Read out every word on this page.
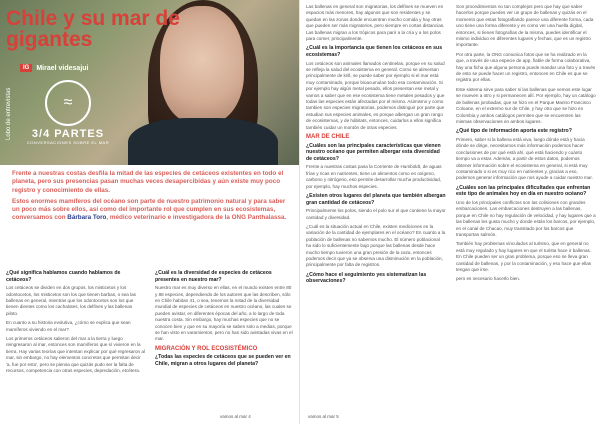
Chile y su mar de gigantes
IG	Mirael videsajui
Lobo de entrevistas	≈
3/4 PARTES
CONVERSACIONES SOBRE EL MAR

Frente a nuestras costas desfila la mitad de las especies de cetáceos existentes en todo el planeta, pero sus presencias pasan muchas veces desapercibidas y aún existe muy poco registro y conocimiento de ellas.

Estos enormes mamíferos del océano son parte de nuestro patrimonio natural y para saber un poco más sobre ellos, así como del importante rol que cumplen en sus ecosistemas, conversamos con Bárbara Toro, médico veterinario e investigadora de la ONG Panthalassa.

¿Qué significa hablamos cuando hablamos de cetáceos?

Los cetáceos se dividen en dos grupos, los misticetos y los odontocetos, los misticetos son los que tienen barbas, o sea las ballenas en general, mientras que los odontocetos son los que tienen dientes como los cachalotes, los delfines y las ballenas piloto.

En cuanto a su historia evolutiva, ¿cómo se explica que sean mamíferos viviendo en el mar?

Los primeros cetáceos salieron del mar a la tierra y luego reingresaron al mar, entonces son mamíferos que sí vivieron en la tierra. Hay varias teorías que intentan explicar por qué regresaron al mar, sin embargo, no hay elementos concretos que permitan decir 'a, fue por esto', pero se piensa que quizás pudo ser la falta de recursos, competencia con otras especies, depredación, etcétera.

¿Cuál es la diversidad de especies de cetáceos presentes en nuestro mar?

Nuestro mar es muy diverso en ellas, en el mundo existen entre 80 y 88 especies, dependiendo de los autores que las describen, sólo en Chile habitan 41, o sea, tenemos la mitad de la diversidad mundial de especies de cetáceos en nuestro océano, las cuales se pueden avistar, en diferentes épocas del año, a lo largo de toda nuestra costa. Sin embargo, hay muchas especies que no se conocen bien y que en su mayoría se saben solo a medias, porque se han visto en varamientos, pero no han sido avistadas vivas en el mar.

MIGRACIÓN Y ROL ECOSISTÉMICO
¿Todas las especies de cetáceos que se pueden ver en Chile, migran a otros lugares del planeta?
vamos al mar 4

Las ballenas en general son migratorias, los delfines se mueven en espacios más menores, hay algunos que son residentes y se quedan en las zonas donde encuentran mucho comida y hay otras que pueden ser más migratorios, pero siempre en cortas distancias. Las ballenas migran a los trópicos para parir a la cría y a los polos para comer, principalmente.

¿Cuál es la importancia que tienen los cetáceos en sus ecosistemas?

Los cetáceos son animales llamados centinelas, porque en su salud se refleja la salud del ecosistema en general. Como se alimentan principalmente de krill, se puede saber por ejemplo si el mar está muy contaminado, porque bioacumulan todo esa contaminación. Si por ejemplo hay algún metal pesado, ellos presentan ese metal y vamos a saber que en ese ecosistema tiene metales pesados y que todas las especies están afectadas por el mismo. Asimismo y como tambien son especies migratorias, podemos distinguir por parte que estudian sus especies animales, es porque albergan un gran rango de ecosistemas, y de hábitats, entonces, cuidarlos a ellos significa también cuidar un montón de otras especies.

MAR DE CHILE
¿Cuáles son las principales características que vienen nuestro océano que permiten albergar esta diversidad de cetáceos?

Frente a nuestras costas pasa la Corriente de Humboldt, de aguas frías y ricas en nutrientes, tiene un alimentos como en oxígeno, carbono y nitrógeno, eso permite desarrollar mucha productividad, por ejemplo, hay muchos especies.

¿Existen otros lugares del planeta que también albergan gran cantidad de cetáceos?

Principalmente los polos, siendo el polo sur el que contiene la mayor cantidad y diversidad.

¿Cuál es la situación actual en Chile, existen mediciones en la variación de la cantidad de ejemplares en el océano? En cuanto a la población de ballenas no sabemos mucho. El número poblacional ha sido lo suficientemente bajo porque las ballenas desde hace mucho tiempo tuvieron una gran presión de la caza, entonces podemos decir que ya se observa una disminución en la población, principalmente por falta de registros.

¿Cómo hace el seguimiento yes sistematizan las observaciones?

Son procedimientos no tan complejos pero que hay que saber hacerlos porque puedes ver un grupo de ballenas y quizás en el momento que estas fotografiando parece una diferente forma, cada uno tiene una forma diferente y es como ver una huella digital, entonces, si tienes fotografías de la misma, puedes identificar el mismo individuo en diferentes lugares y fechas, que es un registro importante.

Por otra parte, la ONG comunica fotos que se ha realizado en la que, a través de una especie de app, fiable de forma colaborativa, hay una ficha que alguna persona puede mandar una foto y a través de esto se puede hacer un registro, entonces en Chile es que se registra por ellas.

Este sistema sirve para saber si las ballenas que vemos este lugar se mueven a otro y si permanecen allí. Por ejemplo, hay un catálogo de ballenas jorobadas, que se hizo en el Parque Marino Francisco Coloane, en el extremo sur de Chile, y hay otro que se hizo en Colombia y ambos catálogos permiten que se encuentren las mismas observaciones en ambos lugares.

¿Qué tipo de información aporta este registro?

Primero, saber si la ballena está viva, luego dónde está y hacia dónde se dirige, necesitamos más información podemos hacer conclusiones de por qué está ahí, qué está haciendo y cuánto tiempo va a estar. Además, a partir de estos datos, podemos obtener información sobre el ecosistema en general, si está muy contaminado o si es muy rico en nutrientes y, gracias a eso, podemos generar información que nos ayude a cuidar nuestro mar.

¿Cuáles son las principales dificultades que enfrentan este tipo de animales hoy en día en nuestro océano?

Uno de los principales conflictos son las colisiones con grandes embarcaciones. Las embarcaciones destruyen a las ballenas, porque en Chile no hay regulación de velocidad, y hay lugares que a las ballenas les gusta mucho y donde están los barcos, por ejemplo, en el canal de Chacao, muy transitado por los barcos que transportan salmón.

También hay problemas vinculados al turismo, que en general no está muy regulado y hay lugares en que el turista hace ir ballenas. En Chile pueden ser un gran problema, porque eso se lleva gran cantidad de ballenas, y por la contaminación, y eso hace que ellas tengan que irse.

pero es necesario hacerlo bien.

vamos al mar 5
